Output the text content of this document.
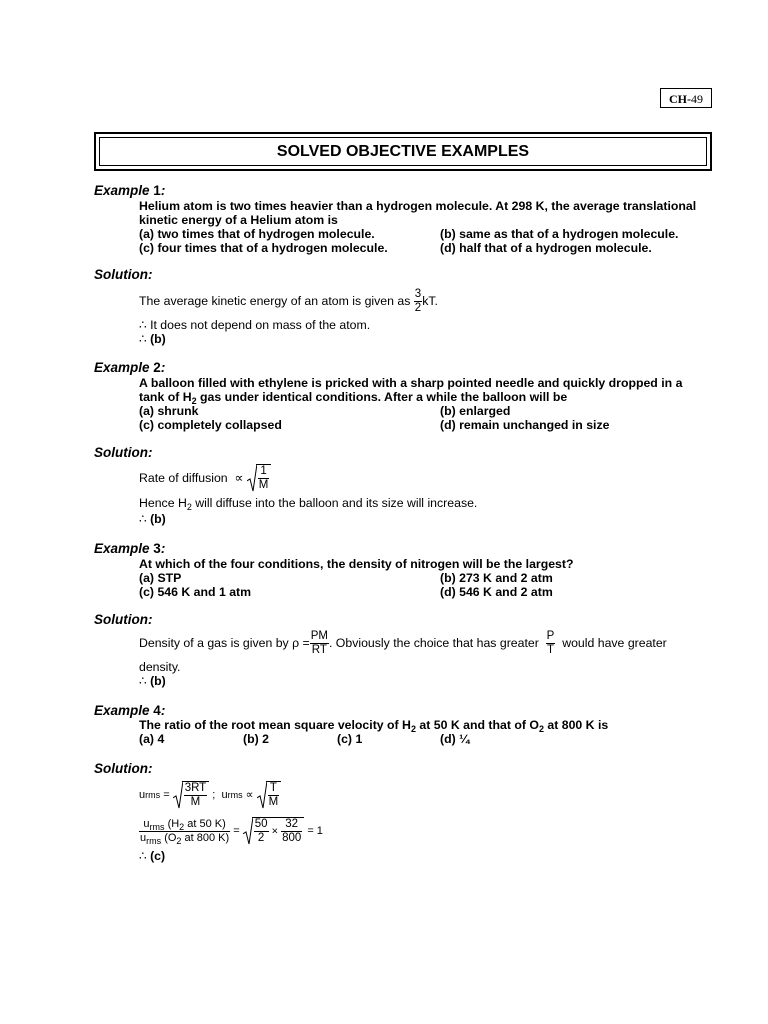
CH-49
SOLVED OBJECTIVE EXAMPLES
Example 1:
Helium atom is two times heavier than a hydrogen molecule. At 298 K, the average translational
kinetic energy of a Helium atom is
(a) two times that of hydrogen molecule.	(b) same as that of a hydrogen molecule.
(c) four times that of a hydrogen molecule.	(d) half that of a hydrogen molecule.
Solution:
The average kinetic energy of an atom is given as
$\frac{3}{2}$ kT.
∴ It does not depend on mass of the atom.
∴ (b)
Example 2:
A balloon filled with ethylene is pricked with a sharp pointed needle and quickly dropped in a
tank of $H_2$ gas under identical conditions. After a while the balloon will be
(a) shrunk	(b) enlarged
(c) completely collapsed	(d) remain unchanged in size
Solution:
Rate of diffusion
∝
$\frac{1}{M}$
Hence $H_2$ will diffuse into the balloon and its size will increase.
∴ (b)
Example 3:
At which of the four conditions, the density of nitrogen will be the largest?
(a) STP	(b) 273 K and 2 atm
(c) 546 K and 1 atm	(d) 546 K and 2 atm
Solution:
Density of a gas is given by
$\rho = \frac{PM}{RT}$ . Obviously the choice that has greater
$\frac{P}{T}$
would have greater
density.
∴ (b)
Example 4:
The ratio of the root mean square velocity of $H_2$ at 50 K and that of $O_2$ at 800 K is
(a) 4	(b) 2	(c) 1	(d) ¼
Solution:
u rms
=
$\frac{3RT}{M}$
;
u rms
∝
$\frac{T}{M}$
$\frac{u_{rms} (H_2 at 50 K)}{u_{rms} (O_2 at 800 K)}$
=
$\frac{50}{2} \times \frac{32}{800}$
= 1
∴ (c)
